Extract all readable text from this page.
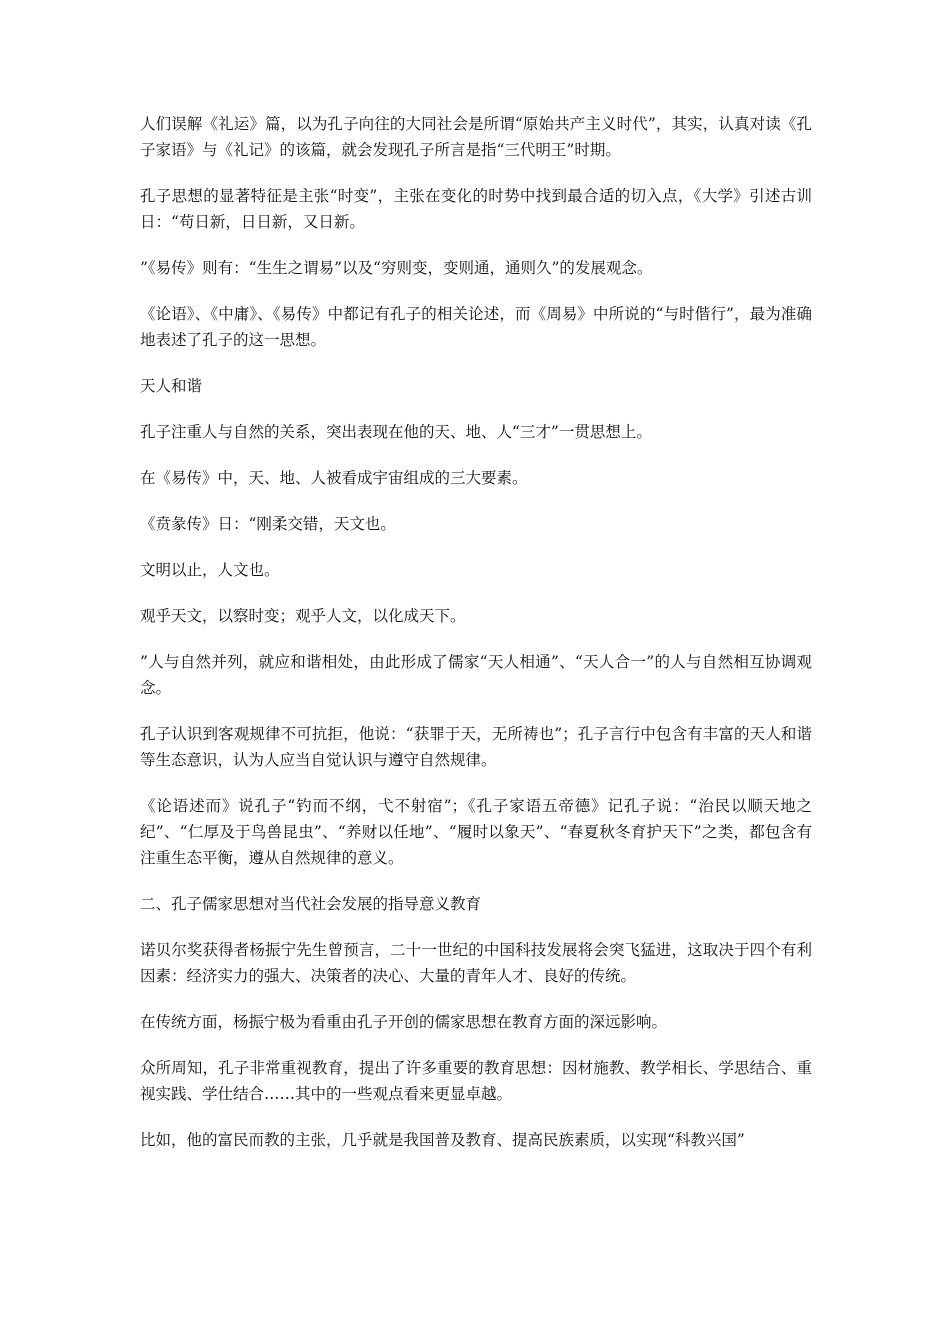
人们误解《礼运》篇，以为孔子向往的大同社会是所谓“原始共产主义时代”，其实，认真对读《孔子家语》与《礼记》的该篇，就会发现孔子所言是指“三代明王”时期。

孔子思想的显著特征是主张“时变”，主张在变化的时势中找到最合适的切入点，《大学》引述古训日：“苟日新，日日新，又日新。

”《易传》则有：“生生之谓易”以及“穷则变，变则通，通则久”的发展观念。

《论语》、《中庸》、《易传》中都记有孔子的相关论述，而《周易》中所说的“与时偕行”，最为准确地表述了孔子的这一思想。

天人和谐

孔子注重人与自然的关系，突出表现在他的天、地、人“三才”一贯思想上。

在《易传》中，天、地、人被看成宇宙组成的三大要素。

《贲彖传》日：“刚柔交错，天文也。

文明以止，人文也。

观乎天文，以察时变；观乎人文，以化成天下。

”人与自然并列，就应和谐相处，由此形成了儒家“天人相通”、“天人合一”的人与自然相互协调观念。

孔子认识到客观规律不可抗拒，他说：“获罪于天，无所祷也”；孔子言行中包含有丰富的天人和谐等生态意识，认为人应当自觉认识与遵守自然规律。

《论语述而》说孔子“钓而不纲，弋不射宿”；《孔子家语五帝德》记孔子说：“治民以顺天地之纪”、“仁厚及于鸟兽昆虫”、“养财以任地”、“履时以象天”、“春夏秋冬育护天下”之类，都包含有注重生态平衡，遵从自然规律的意义。

二、孔子儒家思想对当代社会发展的指导意义教育

诺贝尔奖获得者杨振宁先生曾预言，二十一世纪的中国科技发展将会突飞猛进，这取决于四个有利因素：经济实力的强大、决策者的决心、大量的青年人才、良好的传统。

在传统方面，杨振宁极为看重由孔子开创的儒家思想在教育方面的深远影响。

众所周知，孔子非常重视教育，提出了许多重要的教育思想：因材施教、教学相长、学思结合、重视实践、学仕结合……其中的一些观点看来更显卓越。

比如，他的富民而教的主张，几乎就是我国普及教育、提高民族素质，以实现“科教兴国”
